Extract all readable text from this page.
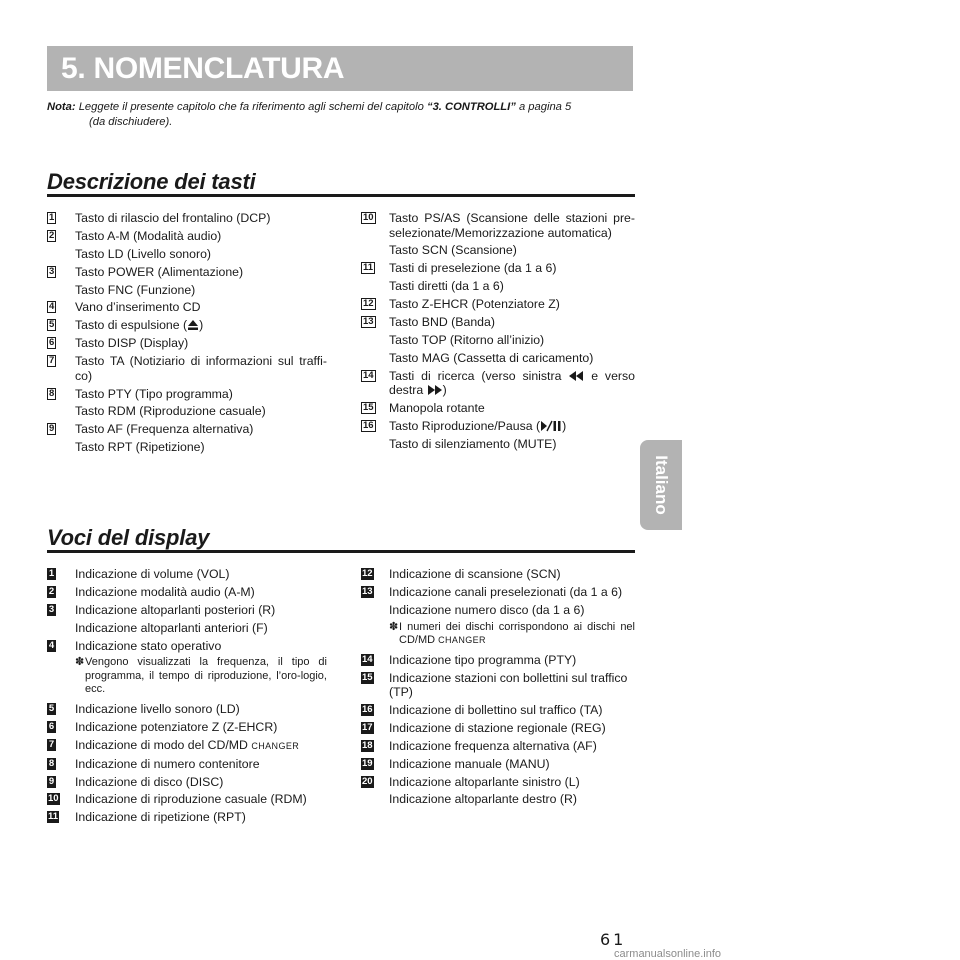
5. NOMENCLATURA
Nota: Leggete il presente capitolo che fa riferimento agli schemi del capitolo “3. CONTROLLI” a pagina 5
(da dischiudere).
Descrizione dei tasti
1 Tasto di rilascio del frontalino (DCP)
2 Tasto A-M (Modalità audio)
Tasto LD (Livello sonoro)
3 Tasto POWER (Alimentazione)
Tasto FNC (Funzione)
4 Vano d’inserimento CD
5 Tasto di espulsione ( )
6 Tasto DISP (Display)
7 Tasto TA (Notiziario di informazioni sul traffi-co)
8 Tasto PTY (Tipo programma)
Tasto RDM (Riproduzione casuale)
9 Tasto AF (Frequenza alternativa)
Tasto RPT (Ripetizione)
10 Tasto PS/AS (Scansione delle stazioni pre-selezionate/Memorizzazione automatica)
Tasto SCN (Scansione)
11 Tasti di preselezione (da 1 a 6)
Tasti diretti (da 1 a 6)
12 Tasto Z-EHCR (Potenziatore Z)
13 Tasto BND (Banda)
Tasto TOP (Ritorno all’inizio)
Tasto MAG (Cassetta di caricamento)
14 Tasti di ricerca (verso sinistra e verso destra )
15 Manopola rotante
16 Tasto Riproduzione/Pausa ( )
Tasto di silenziamento (MUTE)
Italiano
Voci del display
1 Indicazione di volume (VOL)
2 Indicazione modalità audio (A-M)
3 Indicazione altoparlanti posteriori (R)
Indicazione altoparlanti anteriori (F)
4 Indicazione stato operativo
✽ Vengono visualizzati la frequenza, il tipo di programma, il tempo di riproduzione, l’oro-logio, ecc.
5 Indicazione livello sonoro (LD)
6 Indicazione potenziatore Z (Z-EHCR)
7 Indicazione di modo del CD/MD CHANGER
8 Indicazione di numero contenitore
9 Indicazione di disco (DISC)
10 Indicazione di riproduzione casuale (RDM)
11 Indicazione di ripetizione (RPT)
12 Indicazione di scansione (SCN)
13 Indicazione canali preselezionati (da 1 a 6)
Indicazione numero disco (da 1 a 6)
✽ I numeri dei dischi corrispondono ai dischi nel CD/MD CHANGER
14 Indicazione tipo programma (PTY)
15 Indicazione stazioni con bollettini sul traffico (TP)
16 Indicazione di bollettino sul traffico (TA)
17 Indicazione di stazione regionale (REG)
18 Indicazione frequenza alternativa (AF)
19 Indicazione manuale (MANU)
20 Indicazione altoparlante sinistro (L)
Indicazione altoparlante destro (R)
61
carmanualsonline.info
